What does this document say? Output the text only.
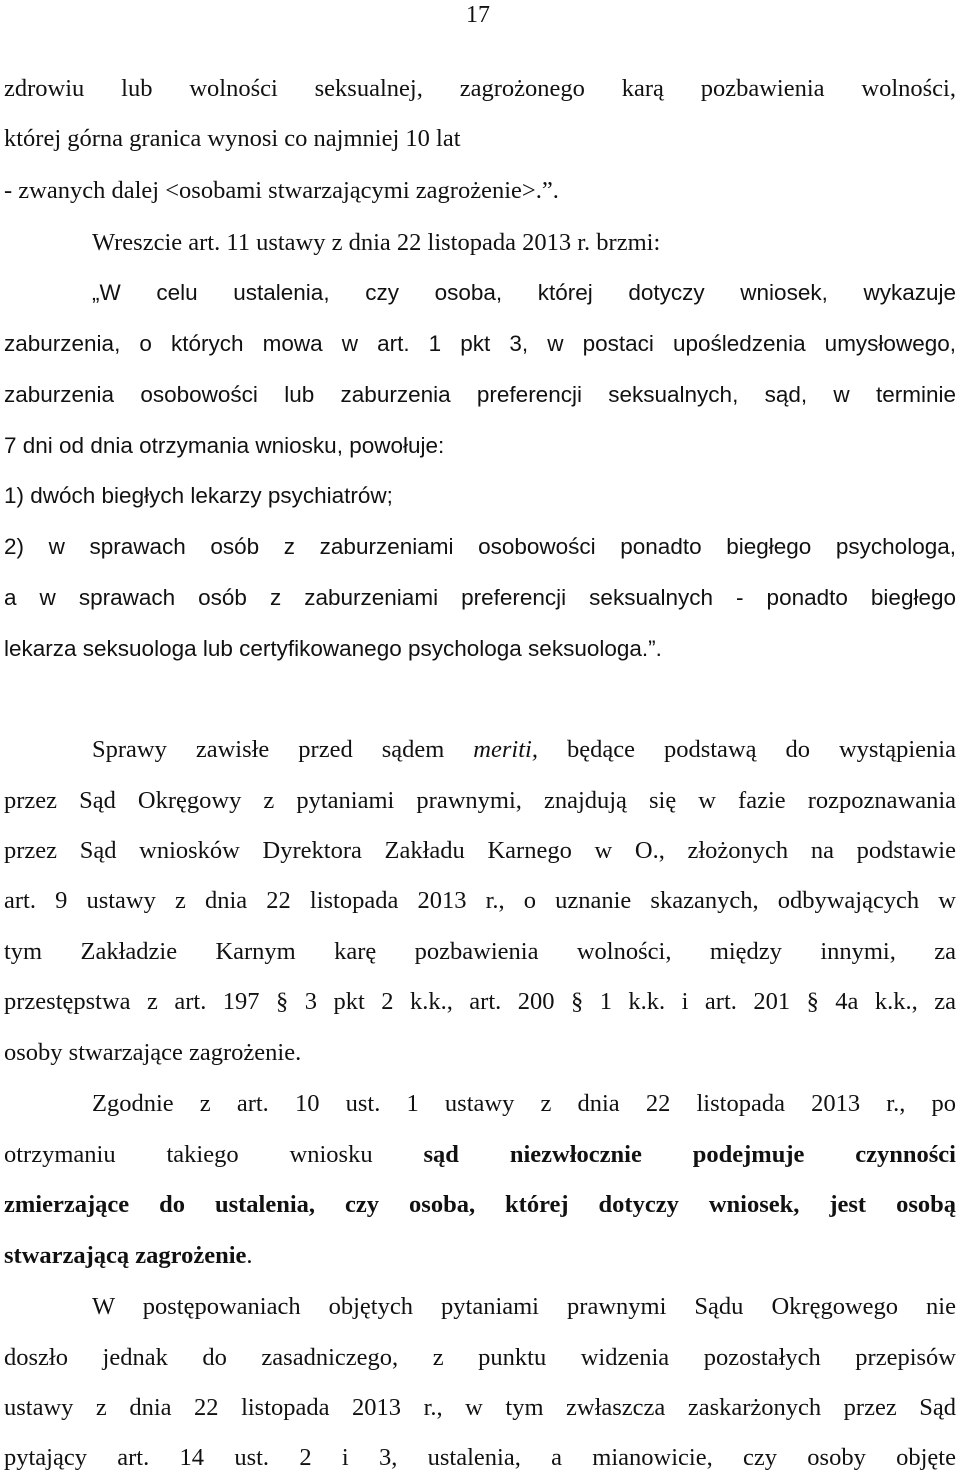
17
zdrowiu lub wolności seksualnej, zagrożonego karą pozbawienia wolności,
której górna granica wynosi co najmniej 10 lat
- zwanych dalej <osobami stwarzającymi zagrożenie>.”.
Wreszcie art. 11 ustawy z dnia 22 listopada 2013 r. brzmi:
„W celu ustalenia, czy osoba, której dotyczy wniosek, wykazuje
zaburzenia, o których mowa w art. 1 pkt 3, w postaci upośledzenia umysłowego,
zaburzenia osobowości lub zaburzenia preferencji seksualnych, sąd, w terminie
7 dni od dnia otrzymania wniosku, powołuje:
1) dwóch biegłych lekarzy psychiatrów;
2) w sprawach osób z zaburzeniami osobowości ponadto biegłego psychologa,
a w sprawach osób z zaburzeniami preferencji seksualnych - ponadto biegłego
lekarza seksuologa lub certyfikowanego psychologa seksuologa.”.
Sprawy zawisłe przed sądem meriti, będące podstawą do wystąpienia
przez Sąd Okręgowy z pytaniami prawnymi, znajdują się w fazie rozpoznawania
przez Sąd wniosków Dyrektora Zakładu Karnego w O., złożonych na podstawie
art. 9 ustawy z dnia 22 listopada 2013 r., o uznanie skazanych, odbywających w
tym Zakładzie Karnym karę pozbawienia wolności, między innymi, za
przestępstwa z art. 197 § 3 pkt 2 k.k., art. 200 § 1 k.k. i art. 201 § 4a k.k., za
osoby stwarzające zagrożenie.
Zgodnie z art. 10 ust. 1 ustawy z dnia 22 listopada 2013 r., po
otrzymaniu takiego wniosku sąd niezwłocznie podejmuje czynności
zmierzające do ustalenia, czy osoba, której dotyczy wniosek, jest osobą
stwarzającą zagrożenie.
W postępowaniach objętych pytaniami prawnymi Sądu Okręgowego nie
doszło jednak do zasadniczego, z punktu widzenia pozostałych przepisów
ustawy z dnia 22 listopada 2013 r., w tym zwłaszcza zaskarżonych przez Sąd
pytający art. 14 ust. 2 i 3, ustalenia, a mianowicie, czy osoby objęte
